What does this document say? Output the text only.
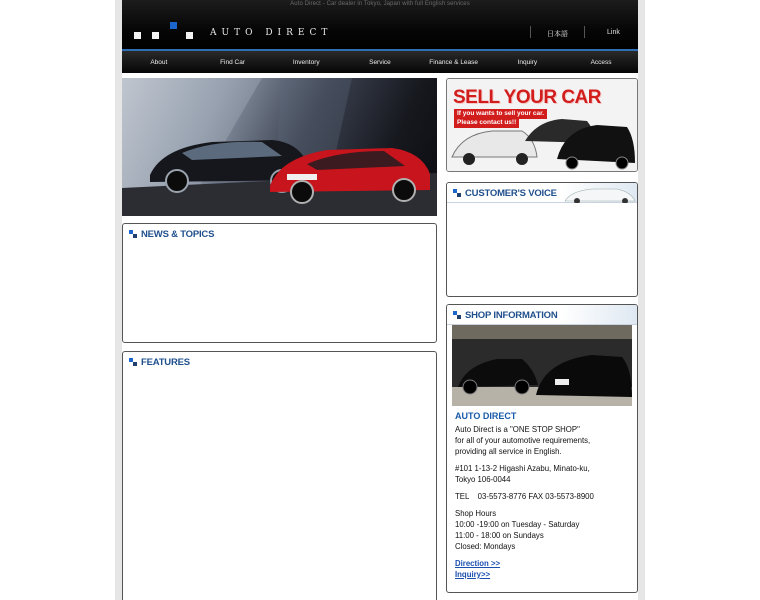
Auto Direct - Car dealer in Tokyo, Japan with full English services
AUTO DIRECT	日本語	Link
About	Find Car	Inventory	Service	Finance & Lease	Inquiry	Access
SELL YOUR CAR
If you wants to sell your car.
Please contact us!!
NEWS & TOPICS
CUSTOMER'S VOICE
FEATURES
SHOP INFORMATION
AUTO DIRECT
Auto Direct is a "ONE STOP SHOP"
for all of your automotive requirements,
providing all service in English.
#101 1-13-2 Higashi Azabu, Minato-ku,
Tokyo 106-0044
TEL    03-5573-8776 FAX 03-5573-8900
Shop Hours
10:00 -19:00 on Tuesday - Saturday
11:00 - 18:00 on Sundays
Closed: Mondays
Direction >>
Inquiry>>
